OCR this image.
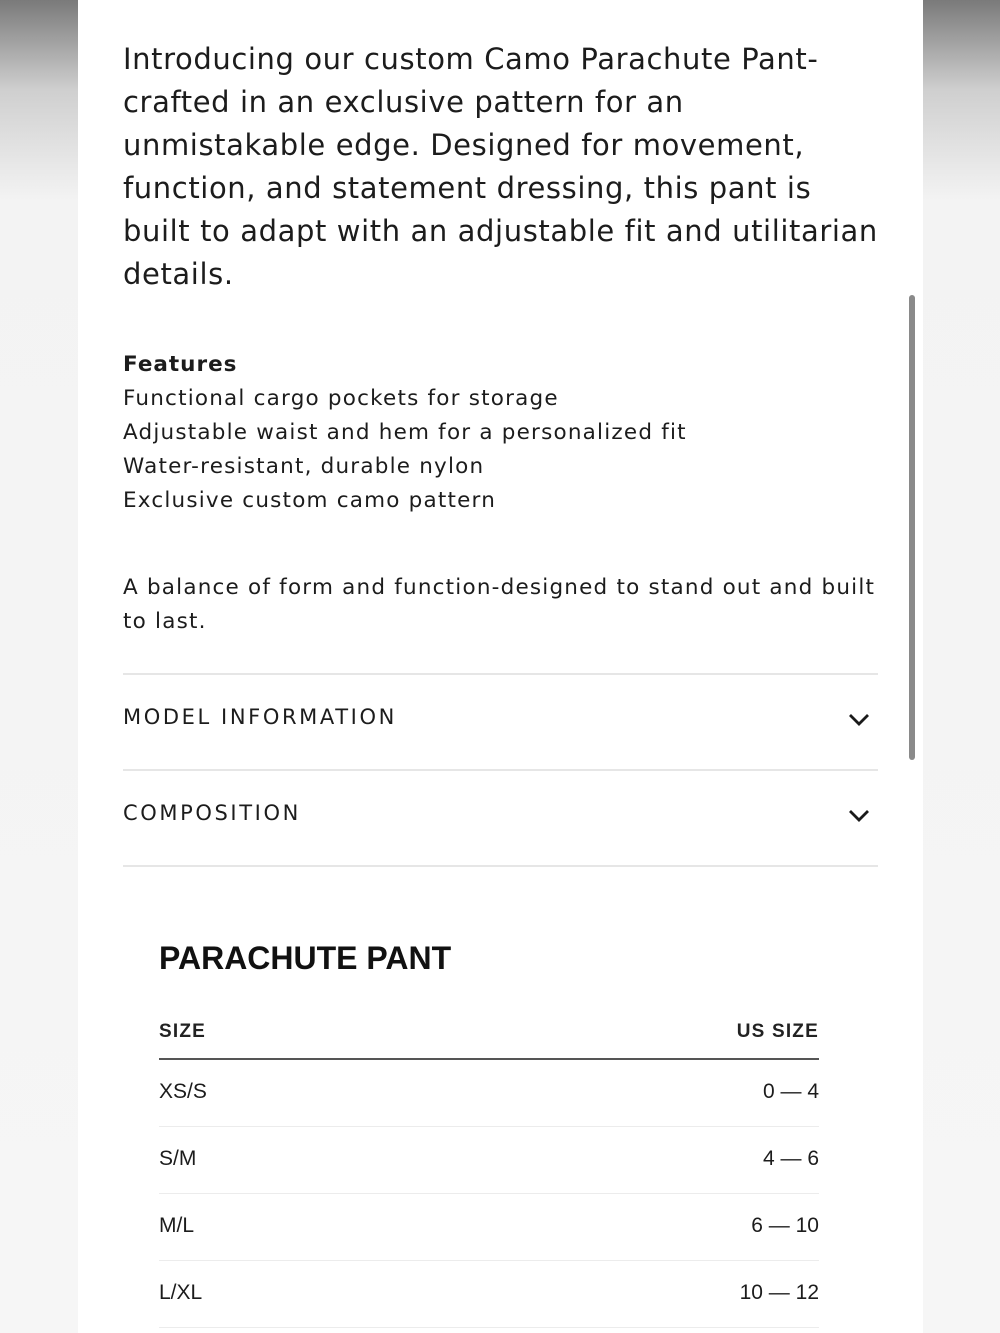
Introducing our custom Camo Parachute Pant- crafted in an exclusive pattern for an unmistakable edge. Designed for movement, function, and statement dressing, this pant is built to adapt with an adjustable fit and utilitarian details.

Features
Functional cargo pockets for storage
Adjustable waist and hem for a personalized fit
Water-resistant, durable nylon
Exclusive custom camo pattern

A balance of form and function-designed to stand out and built to last.

MODEL INFORMATION
COMPOSITION
PARACHUTE PANT
SIZE	US SIZE
XS/S	0 — 4
S/M	4 — 6
M/L	6 — 10
L/XL	10 — 12
